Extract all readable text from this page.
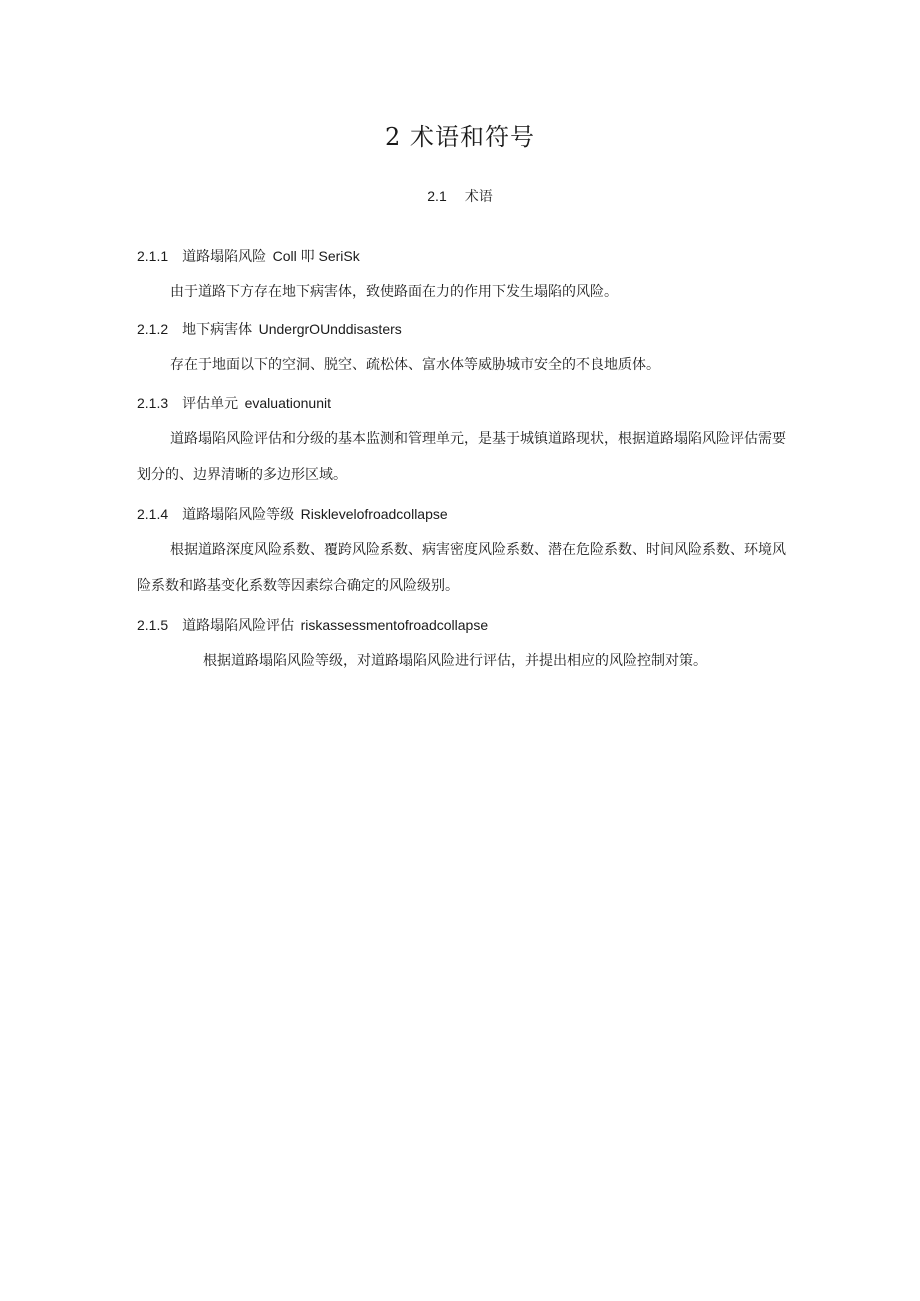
2 术语和符号
2.1 术语
2.1.1 道路塌陷风险 Coll 叩 SeriSk
由于道路下方存在地下病害体，致使路面在力的作用下发生塌陷的风险。
2.1.2 地下病害体 UndergrOUnddisasters
存在于地面以下的空洞、脱空、疏松体、富水体等威胁城市安全的不良地质体。
2.1.3 评估单元 evaluationunit
道路塌陷风险评估和分级的基本监测和管理单元，是基于城镇道路现状，根据道路塌陷风险评估需要划分的、边界清晰的多边形区域。
2.1.4 道路塌陷风险等级 Risklevelofroadcollapse
根据道路深度风险系数、覆跨风险系数、病害密度风险系数、潜在危险系数、时间风险系数、环境风险系数和路基变化系数等因素综合确定的风险级别。
2.1.5 道路塌陷风险评估 riskassessmentofroadcollapse
根据道路塌陷风险等级，对道路塌陷风险进行评估，并提出相应的风险控制对策。
